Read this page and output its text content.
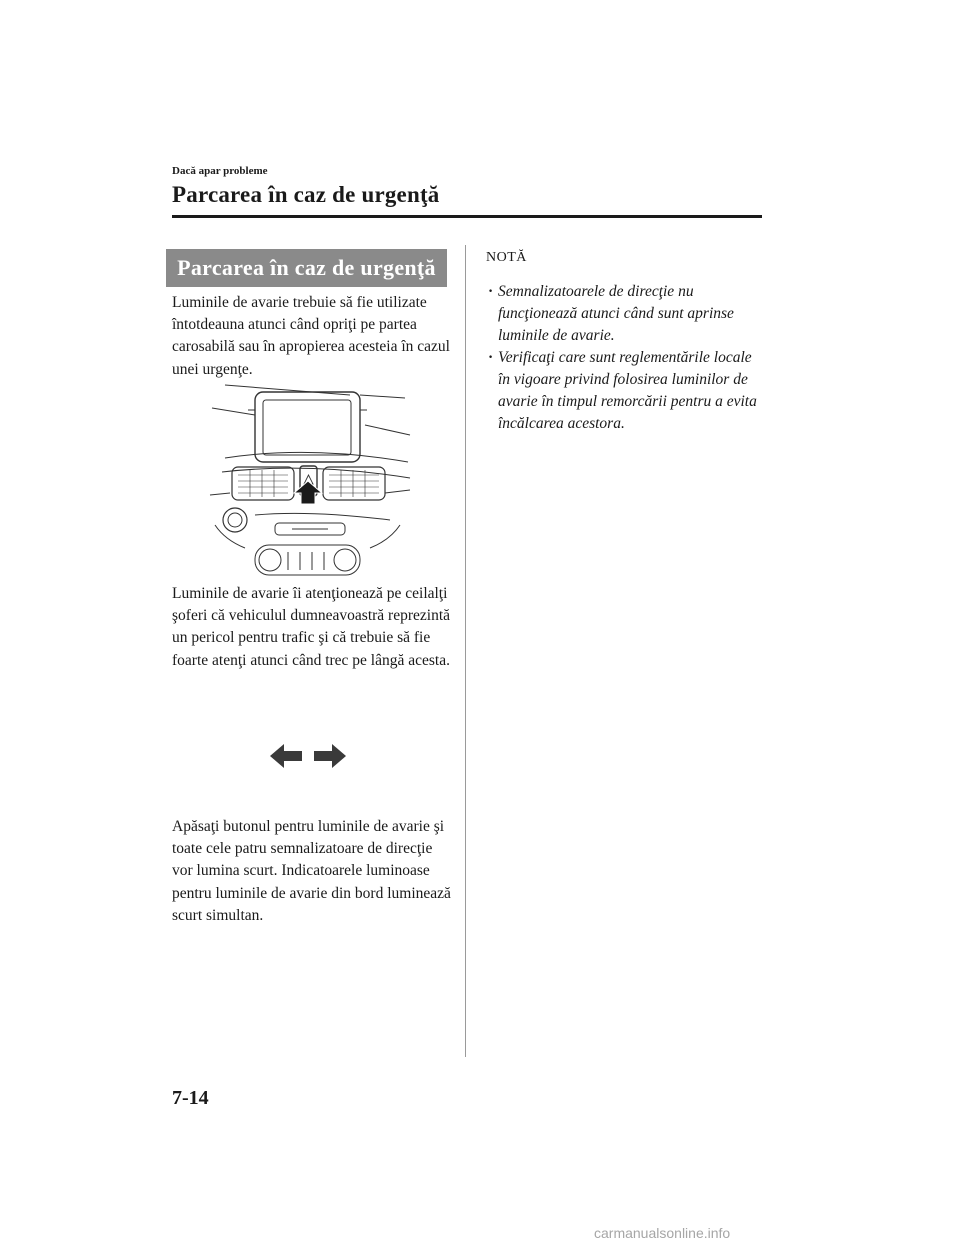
Dacă apar probleme
Parcarea în caz de urgenţă
Parcarea în caz de urgenţă
Luminile de avarie trebuie să fie utilizate întotdeauna atunci când opriţi pe partea carosabilă sau în apropierea acesteia în cazul unei urgenţe.
Luminile de avarie îi atenţionează pe ceilalţi şoferi că vehiculul dumneavoastră reprezintă un pericol pentru trafic şi că trebuie să fie foarte atenţi atunci când trec pe lângă acesta.
Apăsaţi butonul pentru luminile de avarie şi toate cele patru semnalizatoare de direcţie vor lumina scurt. Indicatoarele luminoase pentru luminile de avarie din bord luminează scurt simultan.
NOTĂ
· Semnalizatoarele de direcţie nu funcţionează atunci când sunt aprinse luminile de avarie.
· Verificaţi care sunt reglementările locale în vigoare privind folosirea luminilor de avarie în timpul remorcării pentru a evita încălcarea acestora.
7-14
carmanualsonline.info
